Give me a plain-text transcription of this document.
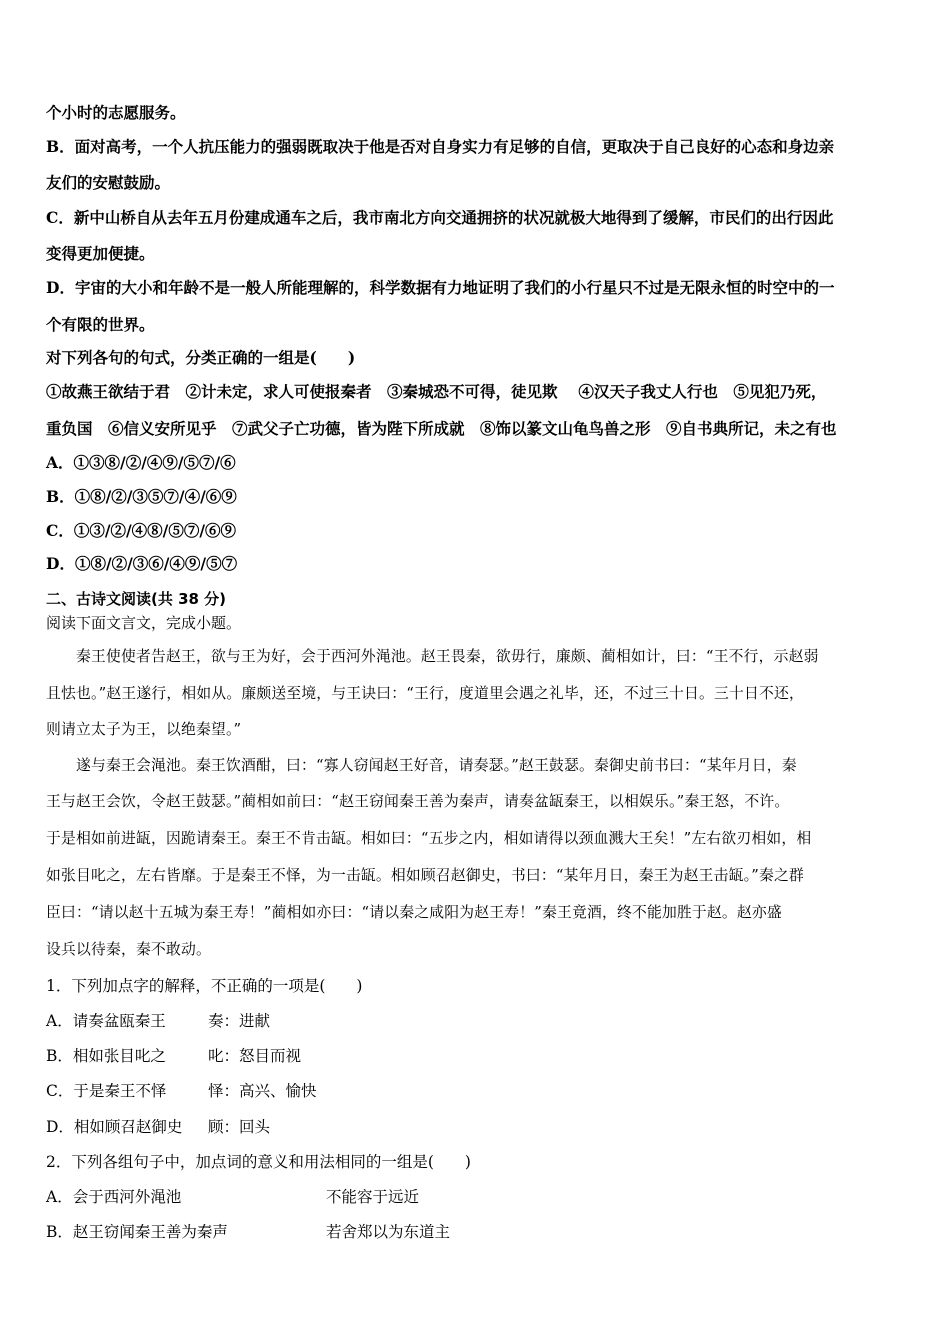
个小时的志愿服务。
B．面对高考，一个人抗压能力的强弱既取决于他是否对自身实力有足够的自信，更取决于自己良好的心态和身边亲
友们的安慰鼓励。
C．新中山桥自从去年五月份建成通车之后，我市南北方向交通拥挤的状况就极大地得到了缓解，市民们的出行因此
变得更加便捷。
D．宇宙的大小和年龄不是一般人所能理解的，科学数据有力地证明了我们的小行星只不过是无限永恒的时空中的一
个有限的世界。
对下列各句的句式，分类正确的一组是(　　)
①故燕王欲结于君　②计未定，求人可使报秦者　③秦城恐不可得，徒见欺　 ④汉天子我丈人行也　⑤见犯乃死，
重负国　⑥信义安所见乎　⑦武父子亡功德，皆为陛下所成就　⑧饰以篆文山龟鸟兽之形　⑨自书典所记，未之有也
A．①③⑧/②/④⑨/⑤⑦/⑥
B．①⑧/②/③⑤⑦/④/⑥⑨
C．①③/②/④⑧/⑤⑦/⑥⑨
D．①⑧/②/③⑥/④⑨/⑤⑦
二、古诗文阅读(共 38 分)
阅读下面文言文，完成小题。
　　秦王使使者告赵王，欲与王为好，会于西河外渑池。赵王畏秦，欲毋行，廉颇、蔺相如计，曰：“王不行，示赵弱
且怯也。”赵王遂行，相如从。廉颇送至境，与王诀曰：“王行，度道里会遇之礼毕，还，不过三十日。三十日不还，
则请立太子为王，以绝秦望。”
　　遂与秦王会渑池。秦王饮酒酣，曰：“寡人窃闻赵王好音，请奏瑟。”赵王鼓瑟。秦御史前书曰：“某年月日，秦
王与赵王会饮，令赵王鼓瑟。”蔺相如前曰：“赵王窃闻秦王善为秦声，请奏盆缻秦王，以相娱乐。”秦王怒，不许。
于是相如前进缻，因跪请秦王。秦王不肯击缻。相如曰：“五步之内，相如请得以颈血溅大王矣！”左右欲刃相如，相
如张目叱之，左右皆靡。于是秦王不怿，为一击缻。相如顾召赵御史，书曰：“某年月日，秦王为赵王击缻。”秦之群
臣曰：“请以赵十五城为秦王寿！”蔺相如亦曰：“请以秦之咸阳为赵王寿！”秦王竟酒，终不能加胜于赵。赵亦盛
设兵以待秦，秦不敢动。
1．下列加点字的解释，不正确的一项是(　　)
A．请奏盆瓯秦王	奏：进献
B．相如张目叱之	叱：怒目而视
C．于是秦王不怿	怿：高兴、愉快
D．相如顾召赵御史 顾：回头
2．下列各组句子中，加点词的意义和用法相同的一组是(　　)
A．会于西河外渑池	不能容于远近
B．赵王窃闻秦王善为秦声	若舍郑以为东道主
